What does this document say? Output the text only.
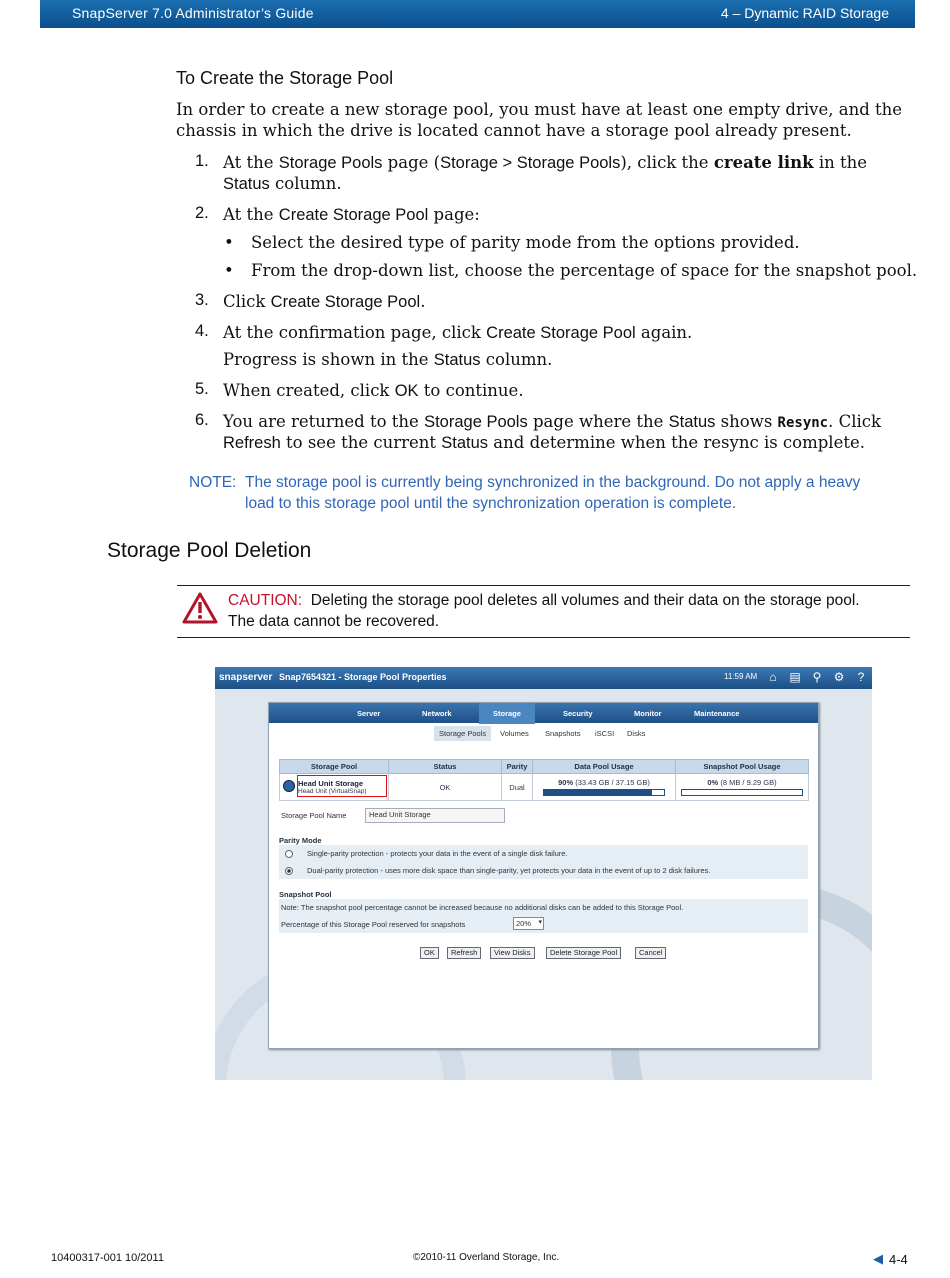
SnapServer 7.0 Administrator’s Guide	4 – Dynamic RAID Storage
To Create the Storage Pool
In order to create a new storage pool, you must have at least one empty drive, and the
chassis in which the drive is located cannot have a storage pool already present.
1. At the Storage Pools page (Storage > Storage Pools), click the create link in the
Status column.
2. At the Create Storage Pool page:
• Select the desired type of parity mode from the options provided.
• From the drop-down list, choose the percentage of space for the snapshot pool.
3. Click Create Storage Pool.
4. At the confirmation page, click Create Storage Pool again.
Progress is shown in the Status column.
5. When created, click OK to continue.
6. You are returned to the Storage Pools page where the Status shows Resync. Click
Refresh to see the current Status and determine when the resync is complete.
NOTE: The storage pool is currently being synchronized in the background. Do not apply a heavy
load to this storage pool until the synchronization operation is complete.
Storage Pool Deletion
CAUTION: Deleting the storage pool deletes all volumes and their data on the storage pool.
The data cannot be recovered.
snapserver Snap7654321 - Storage Pool Properties	11:59 AM	⌂	▤ ⚲	⚙	?
Server	Network	Storage	Security	Monitor	Maintenance
Storage Pools	Volumes Snapshots iSCSI Disks
Storage Pool	Status	Parity	Data Pool Usage	Snapshot Pool Usage

Head Unit Storage
Head Unit (VirtualSnap)	OK	Dual	90% (33.43 GB / 37.15 GB)	0% (8 MB / 9.29 GB)
Storage Pool Name	Head Unit Storage
Parity Mode
Single-parity protection - protects your data in the event of a single disk failure.
Dual-parity protection - uses more disk space than single-parity, yet protects your data in the event of up to 2 disk failures.
Snapshot Pool
Note: The snapshot pool percentage cannot be increased because no additional disks can be added to this Storage Pool.
Percentage of this Storage Pool reserved for snapshots	20% ▾
OK	Refresh	View Disks	Delete Storage Pool	Cancel
10400317-001 10/2011	©2010-11 Overland Storage, Inc.	◀ 4-4
